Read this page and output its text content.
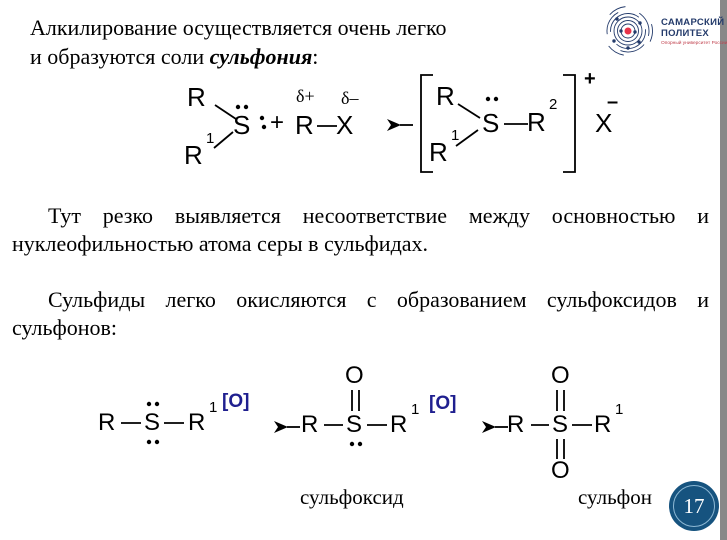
Алкилирование осуществляется очень легко
и образуются соли сульфония:
САМАРСКИЙ
ПОЛИТЕХ
Опорный университет России
R
R
1 S +
δ+ δ–
R X
R
S R
2
R
1
+
X
–
Тут резко выявляется несоответствие между основностью и
нуклеофильностью атома серы в сульфидах.
Сульфиды легко окисляются с образованием сульфоксидов и
сульфонов:
R S R
1 [O]
R S
O
R
1 [O]
R S
O
O
R
1
сульфоксид	сульфон 17
